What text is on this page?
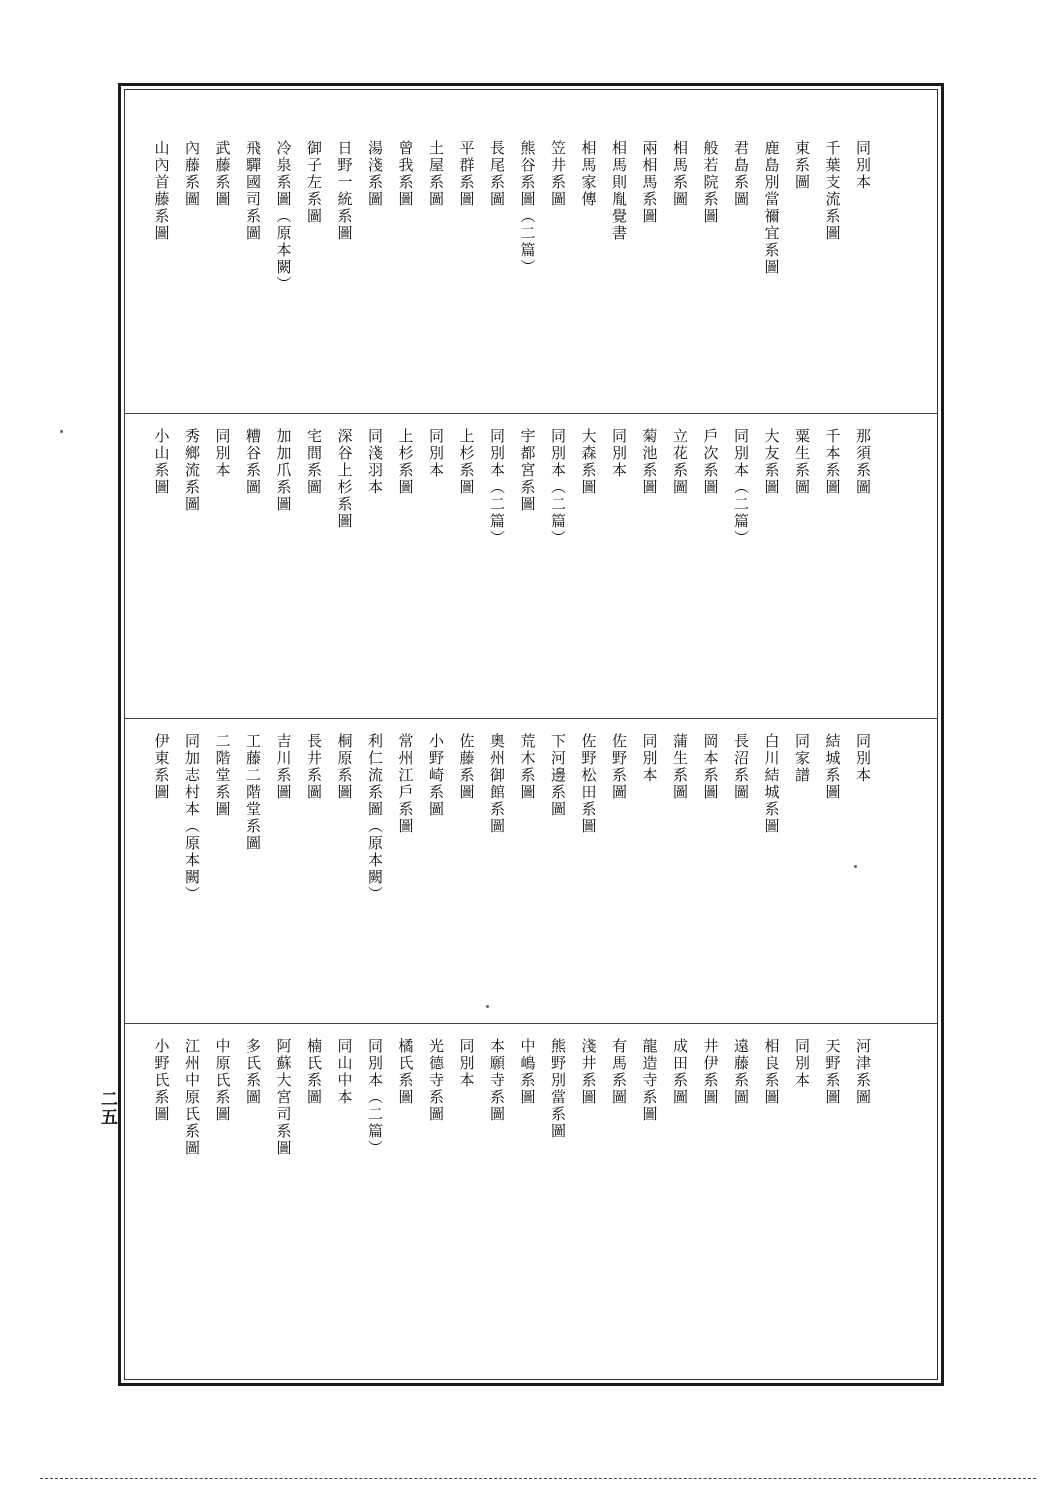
同別本
千葉支流系圖
東系圖
鹿島別當禰宜系圖
君島系圖
般若院系圖
相馬系圖
兩相馬系圖
相馬則胤覺書
相馬家傳
笠井系圖
熊谷系圖（二篇）
長尾系圖
平群系圖
土屋系圖
曾我系圖
湯淺系圖
日野一統系圖
御子左系圖
冷泉系圖（原本闕）
飛驒國司系圖
武藤系圖
內藤系圖
山內首藤系圖
那須系圖
千本系圖
粟生系圖
大友系圖
同別本（二篇）
戶次系圖
立花系圖
菊池系圖
同別本
大森系圖
同別本（二篇）
宇都宮系圖
同別本（二篇）
上杉系圖
同別本
上杉系圖
同淺羽本
深谷上杉系圖
宅間系圖
加加爪系圖
糟谷系圖
同別本
秀鄉流系圖
小山系圖
同別本
結城系圖
同家譜
白川結城系圖
長沼系圖
岡本系圖
蒲生系圖
同別本
佐野系圖
佐野松田系圖
下河邊系圖
荒木系圖
奧州御館系圖
佐藤系圖
小野崎系圖
常州江戶系圖
利仁流系圖（原本闕）
桐原系圖
長井系圖
吉川系圖
工藤二階堂系圖
二階堂系圖
同加志村本（原本闕）
伊東系圖
河津系圖
天野系圖
同別本
相良系圖
遠藤系圖
井伊系圖
成田系圖
龍造寺系圖
有馬系圖
淺井系圖
熊野別當系圖
中嶋系圖
本願寺系圖
同別本
光德寺系圖
橘氏系圖
同別本（二篇）
同山中本
楠氏系圖
阿蘇大宮司系圖
多氏系圖
中原氏系圖
江州中原氏系圖
小野氏系圖
二五
